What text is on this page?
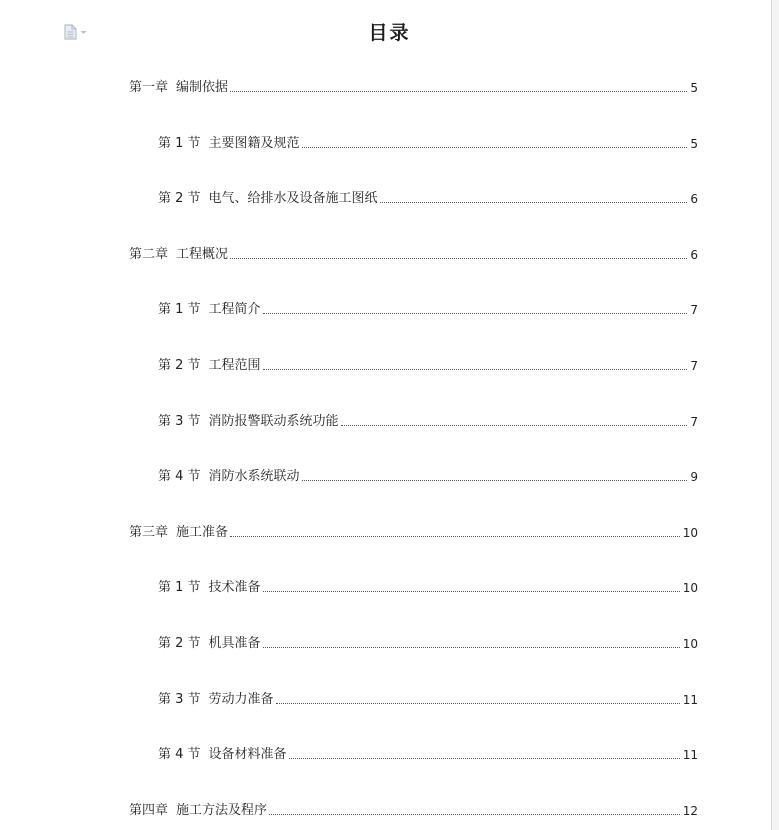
目录
第一章 编制依据	5
第 1 节 主要图籍及规范	5
第 2 节 电气、给排水及设备施工图纸	6
第二章 工程概况	6
第 1 节 工程简介	7
第 2 节 工程范围	7
第 3 节 消防报警联动系统功能	7
第 4 节 消防水系统联动	9
第三章 施工准备	10
第 1 节 技术准备	10
第 2 节 机具准备	10
第 3 节 劳动力准备	11
第 4 节 设备材料准备	11
第四章 施工方法及程序	12
